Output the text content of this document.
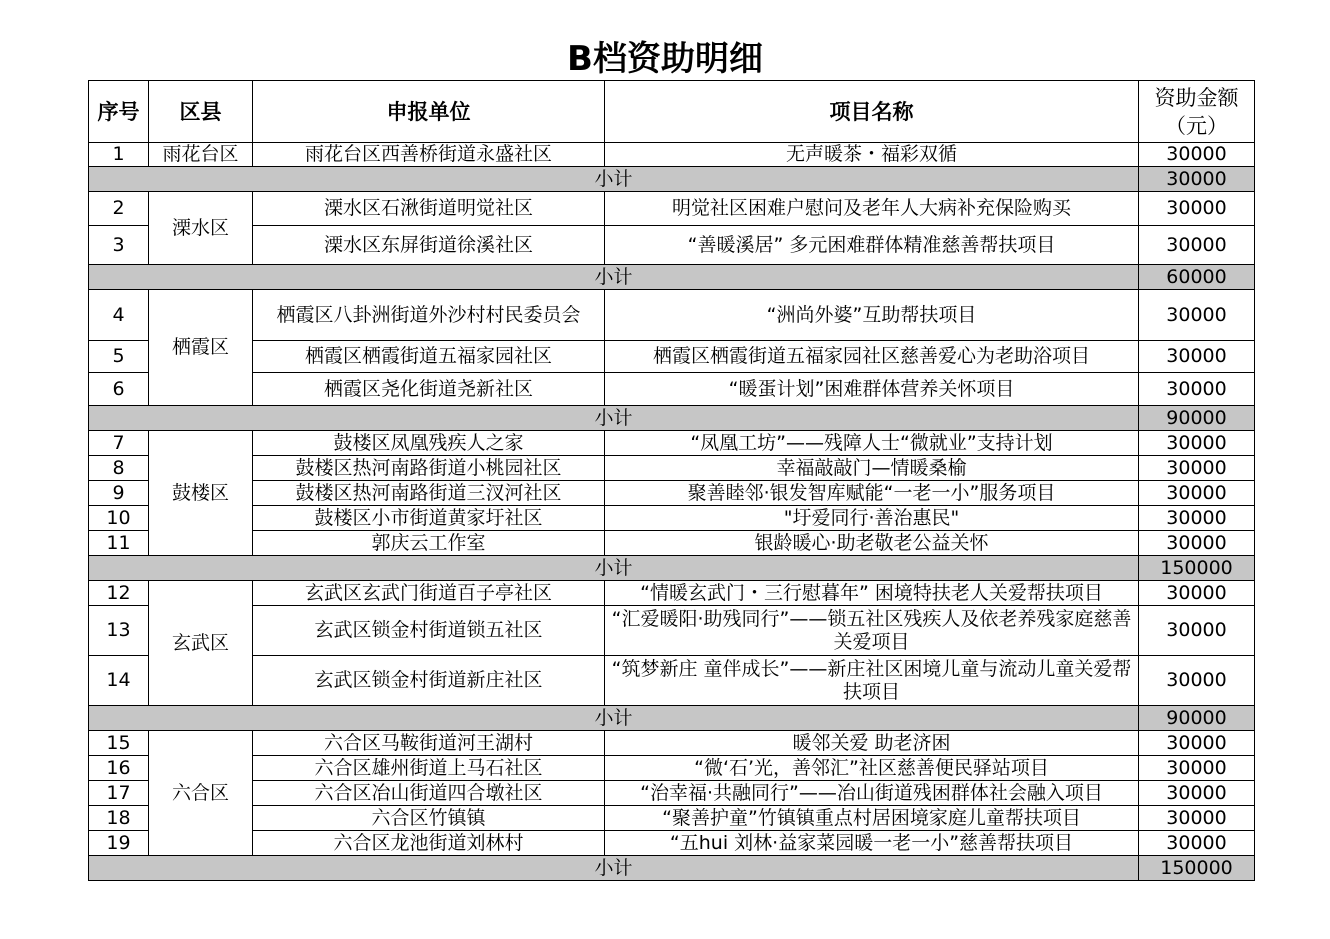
B档资助明细
序号	区县	申报单位	项目名称	资助金额（元）
1	雨花台区	雨花台区西善桥街道永盛社区	无声暖茶・福彩双循	30000
小计				30000
2	溧水区	溧水区石湫街道明觉社区	明觉社区困难户慰问及老年人大病补充保险购买	30000
3		溧水区东屏街道徐溪社区	“善暖溪居” 多元困难群体精准慈善帮扶项目	30000
小计				60000
4	栖霞区	栖霞区八卦洲街道外沙村村民委员会	“洲尚外婆”互助帮扶项目	30000
5		栖霞区栖霞街道五福家园社区	栖霞区栖霞街道五福家园社区慈善爱心为老助浴项目	30000
6		栖霞区尧化街道尧新社区	“暖蛋计划”困难群体营养关怀项目	30000
小计				90000
7	鼓楼区	鼓楼区凤凰残疾人之家	“凤凰工坊”——残障人士“微就业”支持计划	30000
8		鼓楼区热河南路街道小桃园社区	幸福敲敲门—情暖桑榆	30000
9		鼓楼区热河南路街道三汊河社区	聚善睦邻·银发智库赋能“一老一小”服务项目	30000
10		鼓楼区小市街道黄家圩社区	"圩爱同行·善治惠民"	30000
11		郭庆云工作室	银龄暖心·助老敬老公益关怀	30000
小计				150000
12	玄武区	玄武区玄武门街道百子亭社区	“情暖玄武门・三行慰暮年” 困境特扶老人关爱帮扶项目	30000
13		玄武区锁金村街道锁五社区	“汇爱暖阳·助残同行”——锁五社区残疾人及依老养残家庭慈善关爱项目	30000
14		玄武区锁金村街道新庄社区	“筑梦新庄 童伴成长”——新庄社区困境儿童与流动儿童关爱帮扶项目	30000
小计				90000
15	六合区	六合区马鞍街道河王湖村	暖邻关爱 助老济困	30000
16		六合区雄州街道上马石社区	“微‘石’光，善邻汇”社区慈善便民驿站项目	30000
17		六合区冶山街道四合墩社区	“治幸福·共融同行”——冶山街道残困群体社会融入项目	30000
18		六合区竹镇镇	“聚善护童”竹镇镇重点村居困境家庭儿童帮扶项目	30000
19		六合区龙池街道刘林村	“五hui 刘林·益家菜园暖一老一小”慈善帮扶项目	30000
小计				150000
